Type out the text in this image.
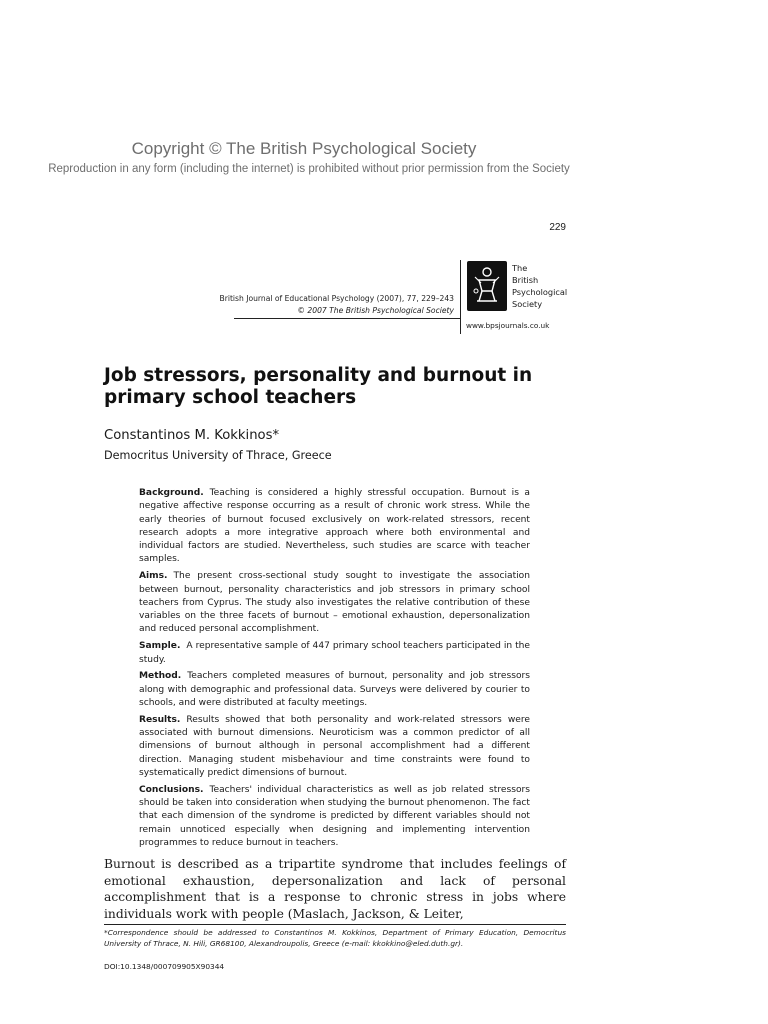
Copyright © The British Psychological Society
Reproduction in any form (including the internet) is prohibited without prior permission from the Society
229
British Journal of Educational Psychology (2007), 77, 229–243
© 2007 The British Psychological Society
The
British
Psychological
Society
www.bpsjournals.co.uk
Job stressors, personality and burnout in primary school teachers
Constantinos M. Kokkinos*
Democritus University of Thrace, Greece

Background. Teaching is considered a highly stressful occupation. Burnout is a negative affective response occurring as a result of chronic work stress. While the early theories of burnout focused exclusively on work-related stressors, recent research adopts a more integrative approach where both environmental and individual factors are studied. Nevertheless, such studies are scarce with teacher samples.

Aims. The present cross-sectional study sought to investigate the association between burnout, personality characteristics and job stressors in primary school teachers from Cyprus. The study also investigates the relative contribution of these variables on the three facets of burnout – emotional exhaustion, depersonalization and reduced personal accomplishment.

Sample. A representative sample of 447 primary school teachers participated in the study.

Method. Teachers completed measures of burnout, personality and job stressors along with demographic and professional data. Surveys were delivered by courier to schools, and were distributed at faculty meetings.

Results. Results showed that both personality and work-related stressors were associated with burnout dimensions. Neuroticism was a common predictor of all dimensions of burnout although in personal accomplishment had a different direction. Managing student misbehaviour and time constraints were found to systematically predict dimensions of burnout.

Conclusions. Teachers' individual characteristics as well as job related stressors should be taken into consideration when studying the burnout phenomenon. The fact that each dimension of the syndrome is predicted by different variables should not remain unnoticed especially when designing and implementing intervention programmes to reduce burnout in teachers.

Burnout is described as a tripartite syndrome that includes feelings of emotional exhaustion, depersonalization and lack of personal accomplishment that is a response to chronic stress in jobs where individuals work with people (Maslach, Jackson, & Leiter,

*Correspondence should be addressed to Constantinos M. Kokkinos, Department of Primary Education, Democritus University of Thrace, N. Hili, GR68100, Alexandroupolis, Greece (e-mail: kkokkino@eled.duth.gr).

DOI:10.1348/000709905X90344
